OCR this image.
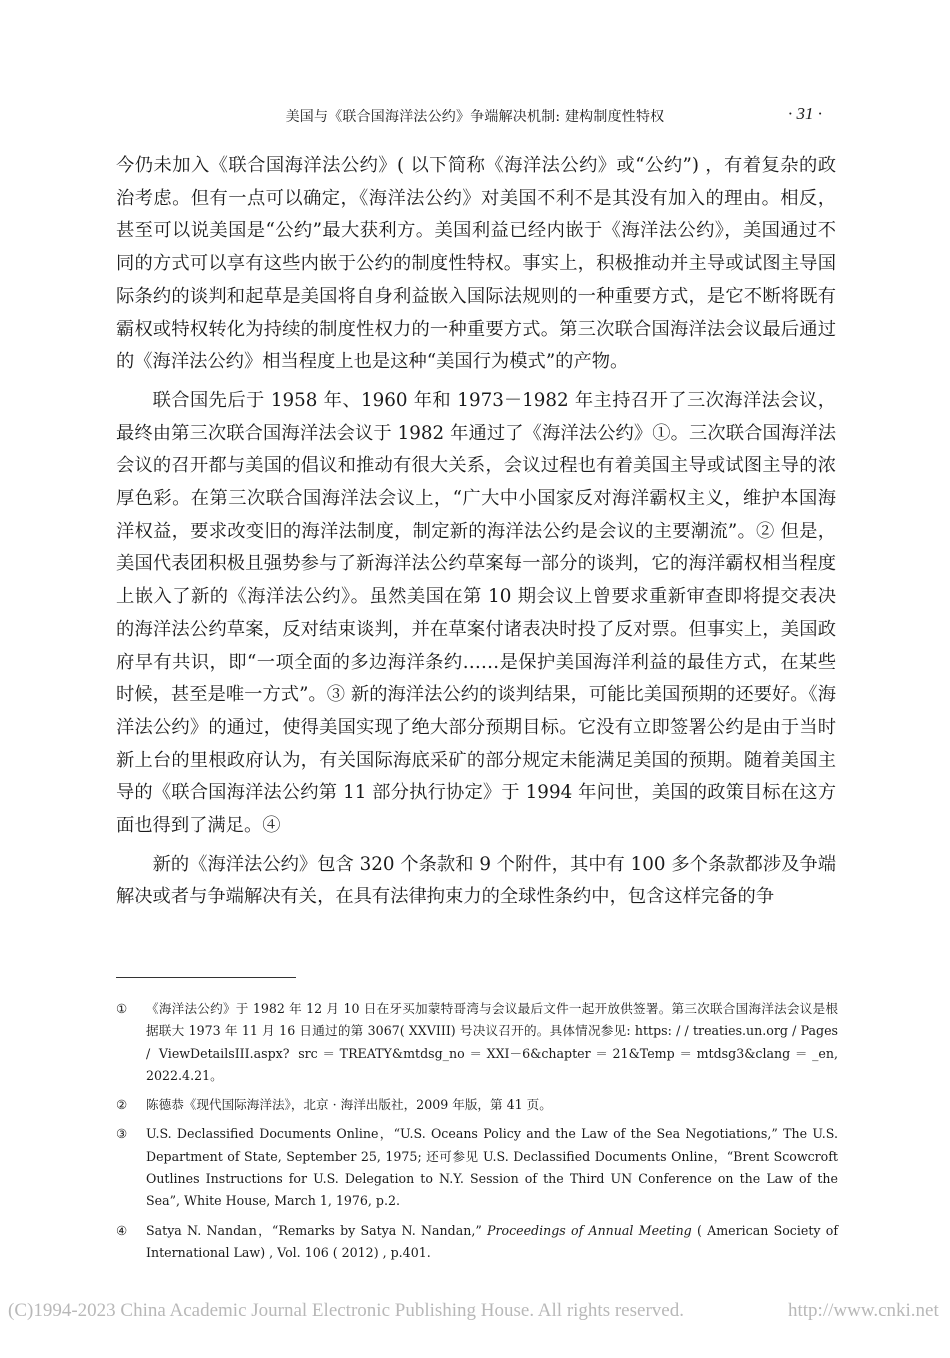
美国与《联合国海洋法公约》争端解决机制: 建构制度性特权	· 31 ·

今仍未加入《联合国海洋法公约》( 以下简称《海洋法公约》或“公约”) ，有着复杂的政治考虑。但有一点可以确定，《海洋法公约》对美国不利不是其没有加入的理由。相反，甚至可以说美国是“公约”最大获利方。美国利益已经内嵌于《海洋法公约》，美国通过不同的方式可以享有这些内嵌于公约的制度性特权。事实上，积极推动并主导或试图主导国际条约的谈判和起草是美国将自身利益嵌入国际法规则的一种重要方式，是它不断将既有霸权或特权转化为持续的制度性权力的一种重要方式。第三次联合国海洋法会议最后通过的《海洋法公约》相当程度上也是这种“美国行为模式”的产物。

联合国先后于 1958 年、1960 年和 1973－1982 年主持召开了三次海洋法会议，最终由第三次联合国海洋法会议于 1982 年通过了《海洋法公约》①。三次联合国海洋法会议的召开都与美国的倡议和推动有很大关系，会议过程也有着美国主导或试图主导的浓厚色彩。在第三次联合国海洋法会议上，“广大中小国家反对海洋霸权主义，维护本国海洋权益，要求改变旧的海洋法制度，制定新的海洋法公约是会议的主要潮流”。② 但是，美国代表团积极且强势参与了新海洋法公约草案每一部分的谈判，它的海洋霸权相当程度上嵌入了新的《海洋法公约》。虽然美国在第 10 期会议上曾要求重新审查即将提交表决的海洋法公约草案，反对结束谈判，并在草案付诸表决时投了反对票。但事实上，美国政府早有共识，即“一项全面的多边海洋条约……是保护美国海洋利益的最佳方式，在某些时候，甚至是唯一方式”。③ 新的海洋法公约的谈判结果，可能比美国预期的还要好。《海洋法公约》的通过，使得美国实现了绝大部分预期目标。它没有立即签署公约是由于当时新上台的里根政府认为，有关国际海底采矿的部分规定未能满足美国的预期。随着美国主导的《联合国海洋法公约第 11 部分执行协定》于 1994 年问世，美国的政策目标在这方面也得到了满足。④

新的《海洋法公约》包含 320 个条款和 9 个附件，其中有 100 多个条款都涉及争端解决或者与争端解决有关，在具有法律拘束力的全球性条约中，包含这样完备的争

① 《海洋法公约》于 1982 年 12 月 10 日在牙买加蒙特哥湾与会议最后文件一起开放供签署。第三次联合国海洋法会议是根据联大 1973 年 11 月 16 日通过的第 3067( XXVIII) 号决议召开的。具体情况参见: https: / / treaties.un.org / Pages / ViewDetailsIII.aspx? src＝TREATY&mtdsg_no＝XXI－6&chapter＝21&Temp＝mtdsg3&clang＝_en, 2022.4.21。
② 陈德恭《现代国际海洋法》，北京 · 海洋出版社，2009 年版，第 41 页。
③ U.S. Declassified Documents Online，“U.S. Oceans Policy and the Law of the Sea Negotiations,” The U.S. Department of State, September 25, 1975; 还可参见 U.S. Declassified Documents Online，“Brent Scowcroft Outlines Instructions for U.S. Delegation to N.Y. Session of the Third UN Conference on the Law of the Sea”, White House, March 1, 1976, p.2.
④ Satya N. Nandan，“Remarks by Satya N. Nandan,” Proceedings of Annual Meeting ( American Society of International Law) , Vol. 106 ( 2012) , p.401.
(C)1994-2023 China Academic Journal Electronic Publishing House. All rights reserved.	http://www.cnki.net
